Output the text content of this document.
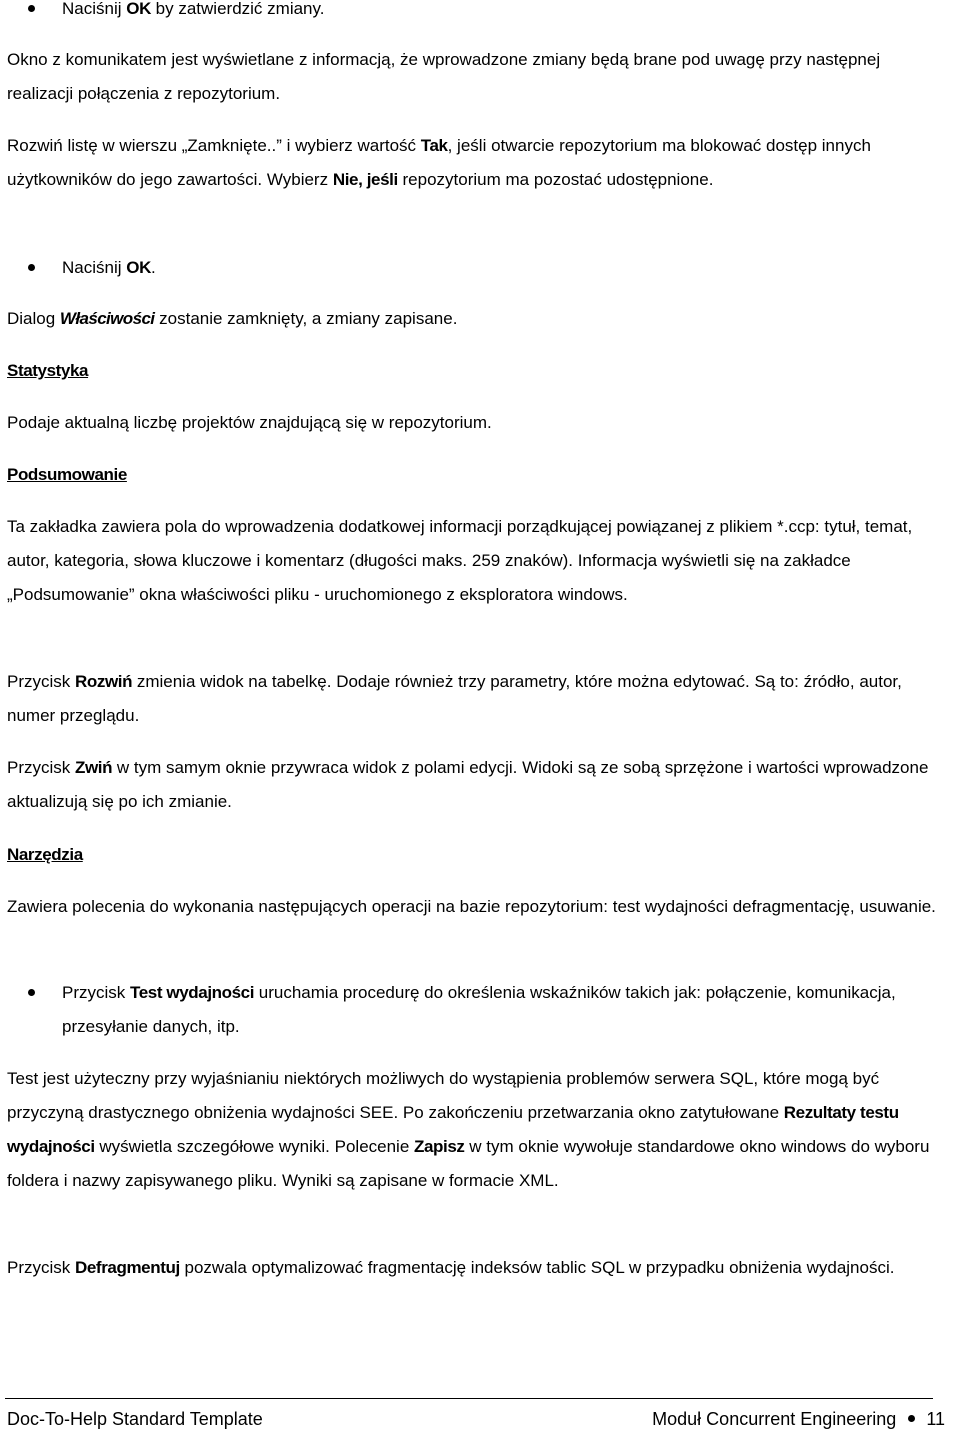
Naciśnij OK by zatwierdzić zmiany.

Okno z komunikatem jest wyświetlane z informacją, że wprowadzone zmiany będą brane pod uwagę przy następnej realizacji połączenia z repozytorium.

Rozwiń listę w wierszu „Zamknięte..” i wybierz wartość Tak, jeśli otwarcie repozytorium ma blokować dostęp innych użytkowników do jego zawartości. Wybierz Nie, jeśli repozytorium ma pozostać udostępnione.

Naciśnij OK.

Dialog Właściwości zostanie zamknięty, a zmiany zapisane.

Statystyka

Podaje aktualną liczbę projektów znajdującą się w repozytorium.

Podsumowanie

Ta zakładka zawiera pola do wprowadzenia dodatkowej informacji porządkującej powiązanej z plikiem *.ccp: tytuł, temat, autor, kategoria, słowa kluczowe i komentarz (długości maks. 259 znaków). Informacja wyświetli się na zakładce „Podsumowanie” okna właściwości pliku - uruchomionego z eksploratora windows.

Przycisk Rozwiń zmienia widok na tabelkę. Dodaje również trzy parametry, które można edytować. Są to: źródło, autor, numer przeglądu.

Przycisk Zwiń w tym samym oknie przywraca widok z polami edycji. Widoki są ze sobą sprzężone i wartości wprowadzone aktualizują się po ich zmianie.

Narzędzia

Zawiera polecenia do wykonania następujących operacji na bazie repozytorium: test wydajności defragmentację, usuwanie.

Przycisk Test wydajności uruchamia procedurę do określenia wskaźników takich jak: połączenie, komunikacja, przesyłanie danych, itp.

Test jest użyteczny przy wyjaśnianiu niektórych możliwych do wystąpienia problemów serwera SQL, które mogą być przyczyną drastycznego obniżenia wydajności SEE. Po zakończeniu przetwarzania okno zatytułowane Rezultaty testu wydajności wyświetla szczegółowe wyniki. Polecenie Zapisz w tym oknie wywołuje standardowe okno windows do wyboru foldera i nazwy zapisywanego pliku. Wyniki są zapisane w formacie XML.

Przycisk Defragmentuj pozwala optymalizować fragmentację indeksów tablic SQL w przypadku obniżenia wydajności.

Doc-To-Help Standard Template	Moduł Concurrent Engineering 11
